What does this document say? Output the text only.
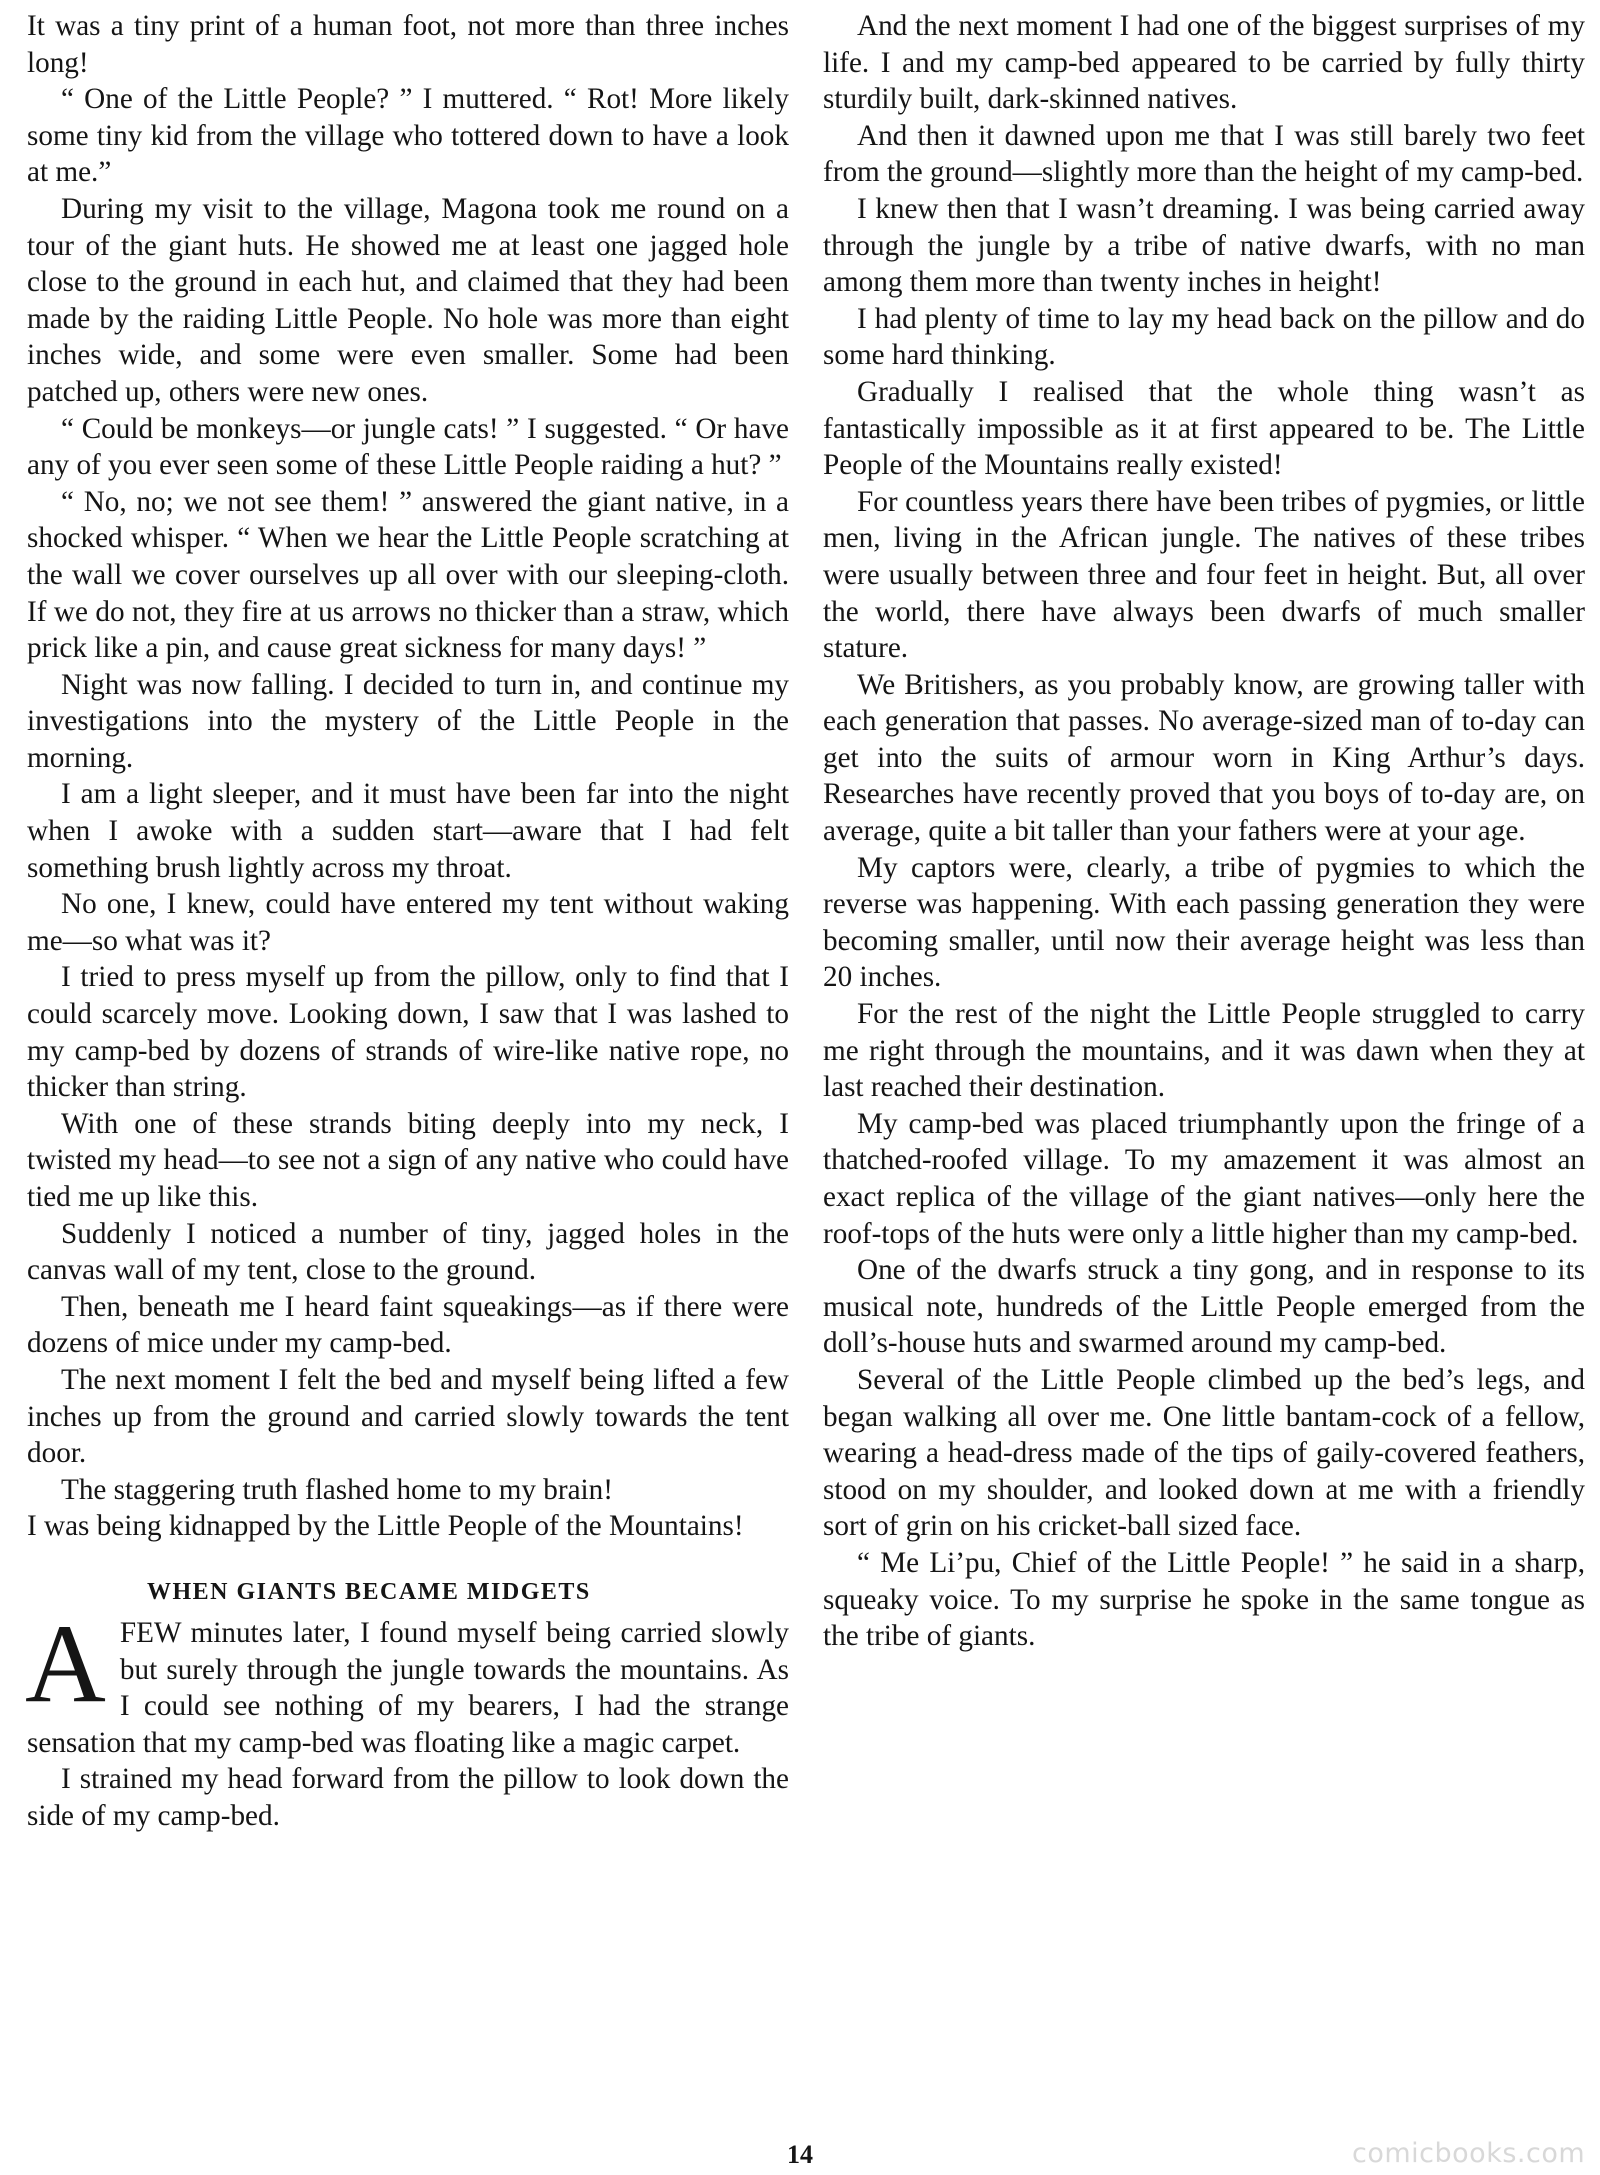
It was a tiny print of a human foot, not more than three inches long!

“ One of the Little People? ” I muttered. “ Rot! More likely some tiny kid from the village who tottered down to have a look at me.”

During my visit to the village, Magona took me round on a tour of the giant huts. He showed me at least one jagged hole close to the ground in each hut, and claimed that they had been made by the raiding Little People. No hole was more than eight inches wide, and some were even smaller. Some had been patched up, others were new ones.

“ Could be monkeys—or jungle cats! ” I suggested. “ Or have any of you ever seen some of these Little People raiding a hut? ”

“ No, no; we not see them! ” answered the giant native, in a shocked whisper. “ When we hear the Little People scratching at the wall we cover ourselves up all over with our sleeping-cloth. If we do not, they fire at us arrows no thicker than a straw, which prick like a pin, and cause great sickness for many days! ”

Night was now falling. I decided to turn in, and continue my investigations into the mystery of the Little People in the morning.

I am a light sleeper, and it must have been far into the night when I awoke with a sudden start—aware that I had felt something brush lightly across my throat.

No one, I knew, could have entered my tent without waking me—so what was it?

I tried to press myself up from the pillow, only to find that I could scarcely move. Looking down, I saw that I was lashed to my camp-bed by dozens of strands of wire-like native rope, no thicker than string.

With one of these strands biting deeply into my neck, I twisted my head—to see not a sign of any native who could have tied me up like this.

Suddenly I noticed a number of tiny, jagged holes in the canvas wall of my tent, close to the ground.

Then, beneath me I heard faint squeakings—as if there were dozens of mice under my camp-bed.

The next moment I felt the bed and myself being lifted a few inches up from the ground and carried slowly towards the tent door.

The staggering truth flashed home to my brain!

I was being kidnapped by the Little People of the Mountains!

WHEN GIANTS BECAME MIDGETS

AFEW minutes later, I found myself being carried slowly but surely through the jungle towards the mountains. As I could see nothing of my bearers, I had the strange sensation that my camp-bed was floating like a magic carpet.

I strained my head forward from the pillow to look down the side of my camp-bed.

And the next moment I had one of the biggest surprises of my life. I and my camp-bed appeared to be carried by fully thirty sturdily built, dark-skinned natives.

And then it dawned upon me that I was still barely two feet from the ground—slightly more than the height of my camp-bed.

I knew then that I wasn’t dreaming. I was being carried away through the jungle by a tribe of native dwarfs, with no man among them more than twenty inches in height!

I had plenty of time to lay my head back on the pillow and do some hard thinking.

Gradually I realised that the whole thing wasn’t as fantastically impossible as it at first appeared to be. The Little People of the Mountains really existed!

For countless years there have been tribes of pygmies, or little men, living in the African jungle. The natives of these tribes were usually between three and four feet in height. But, all over the world, there have always been dwarfs of much smaller stature.

We Britishers, as you probably know, are growing taller with each generation that passes. No average-sized man of to-day can get into the suits of armour worn in King Arthur’s days. Researches have recently proved that you boys of to-day are, on average, quite a bit taller than your fathers were at your age.

My captors were, clearly, a tribe of pygmies to which the reverse was happening. With each passing generation they were becoming smaller, until now their average height was less than 20 inches.

For the rest of the night the Little People struggled to carry me right through the mountains, and it was dawn when they at last reached their destination.

My camp-bed was placed triumphantly upon the fringe of a thatched-roofed village. To my amazement it was almost an exact replica of the village of the giant natives—only here the roof-tops of the huts were only a little higher than my camp-bed.

One of the dwarfs struck a tiny gong, and in response to its musical note, hundreds of the Little People emerged from the doll’s-house huts and swarmed around my camp-bed.

Several of the Little People climbed up the bed’s legs, and began walking all over me. One little bantam-cock of a fellow, wearing a head-dress made of the tips of gaily-covered feathers, stood on my shoulder, and looked down at me with a friendly sort of grin on his cricket-ball sized face.

“ Me Li’pu, Chief of the Little People! ” he said in a sharp, squeaky voice. To my surprise he spoke in the same tongue as the tribe of giants.

14	comicbooks.com
